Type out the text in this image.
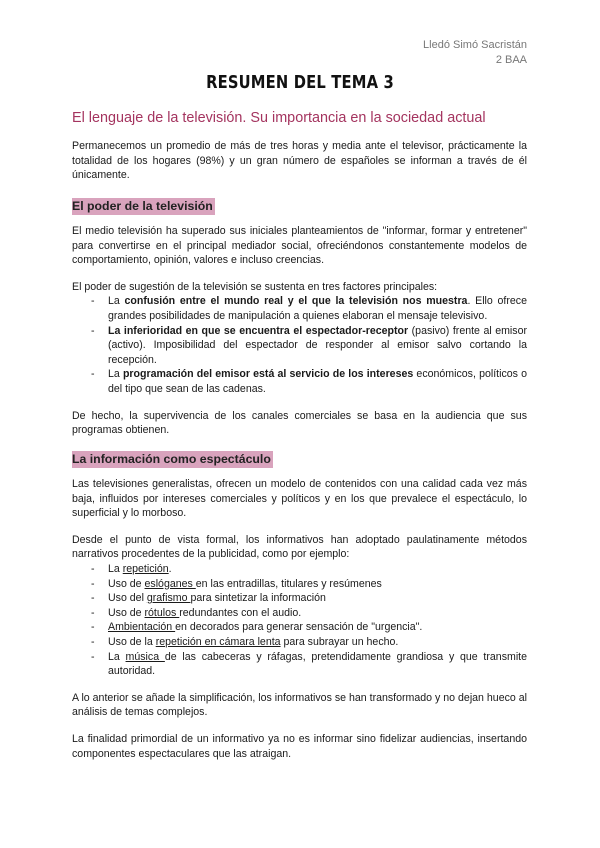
Lledó Simó Sacristán
2 BAA
RESUMEN DEL TEMA 3
El lenguaje de la televisión. Su importancia en la sociedad actual

Permanecemos un promedio de más de tres horas y media ante el televisor, prácticamente la totalidad de los hogares (98%) y un gran número de españoles se informan a través de él únicamente.

El poder de la televisión

El medio televisión ha superado sus iniciales planteamientos de "informar, formar y entretener" para convertirse en el principal mediador social, ofreciéndonos constantemente modelos de comportamiento, opinión, valores e incluso creencias.

El poder de sugestión de la televisión se sustenta en tres factores principales:

- La confusión entre el mundo real y el que la televisión nos muestra. Ello ofrece grandes posibilidades de manipulación a quienes elaboran el mensaje televisivo.
- La inferioridad en que se encuentra el espectador-receptor (pasivo) frente al emisor (activo). Imposibilidad del espectador de responder al emisor salvo cortando la recepción.
- La programación del emisor está al servicio de los intereses económicos, políticos o del tipo que sean de las cadenas.

De hecho, la supervivencia de los canales comerciales se basa en la audiencia que sus programas obtienen.

La información como espectáculo

Las televisiones generalistas, ofrecen un modelo de contenidos con una calidad cada vez más baja, influidos por intereses comerciales y políticos y en los que prevalece el espectáculo, lo superficial y lo morboso.

Desde el punto de vista formal, los informativos han adoptado paulatinamente métodos narrativos procedentes de la publicidad, como por ejemplo:

- La repetición.
- Uso de eslóganes en las entradillas, titulares y resúmenes
- Uso del grafismo para sintetizar la información
- Uso de rótulos redundantes con el audio.
- Ambientación en decorados para generar sensación de "urgencia".
- Uso de la repetición en cámara lenta para subrayar un hecho.
- La música de las cabeceras y ráfagas, pretendidamente grandiosa y que transmite autoridad.

A lo anterior se añade la simplificación, los informativos se han transformado y no dejan hueco al análisis de temas complejos.

La finalidad primordial de un informativo ya no es informar sino fidelizar audiencias, insertando componentes espectaculares que las atraigan.
